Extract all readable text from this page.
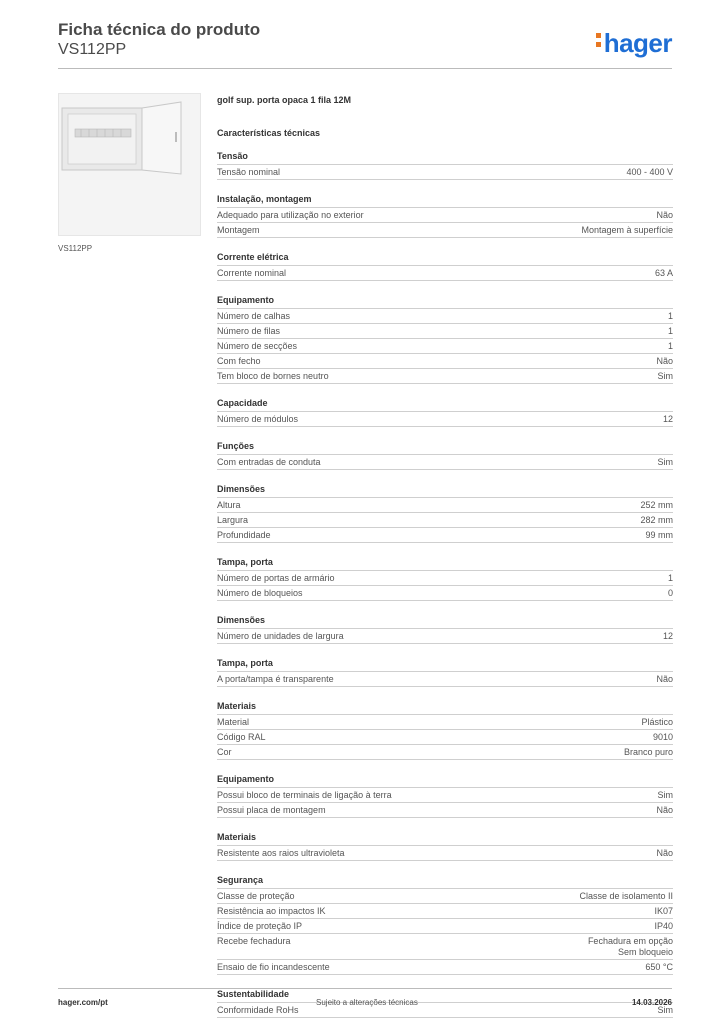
Ficha técnica do produto
VS112PP	hager
VS112PP
golf sup. porta opaca 1 fila 12M
Características técnicas
Tensão
Tensão nominal	400 - 400 V
Instalação, montagem
Adequado para utilização no exterior	Não
Montagem	Montagem à superfície
Corrente elétrica
Corrente nominal	63 A
Equipamento
Número de calhas	1
Número de filas	1
Número de secções	1
Com fecho	Não
Tem bloco de bornes neutro	Sim
Capacidade
Número de módulos	12
Funções
Com entradas de conduta	Sim
Dimensões
Altura	252 mm
Largura	282 mm
Profundidade	99 mm
Tampa, porta
Número de portas de armário	1
Número de bloqueios	0
Dimensões
Número de unidades de largura	12
Tampa, porta
A porta/tampa é transparente	Não
Materiais
Material	Plástico
Código RAL	9010
Cor	Branco puro
Equipamento
Possui bloco de terminais de ligação à terra	Sim
Possui placa de montagem	Não
Materiais
Resistente aos raios ultravioleta	Não
Segurança
Classe de proteção	Classe de isolamento II
Resistência ao impactos IK	IK07
Índice de proteção IP	IP40
Recebe fechadura	Fechadura em opção
Sem bloqueio
Ensaio de fio incandescente	650 °C
Sustentabilidade
Conformidade RoHs	Sim
hager.com/pt	Sujeito a alterações técnicas	14.03.2026
